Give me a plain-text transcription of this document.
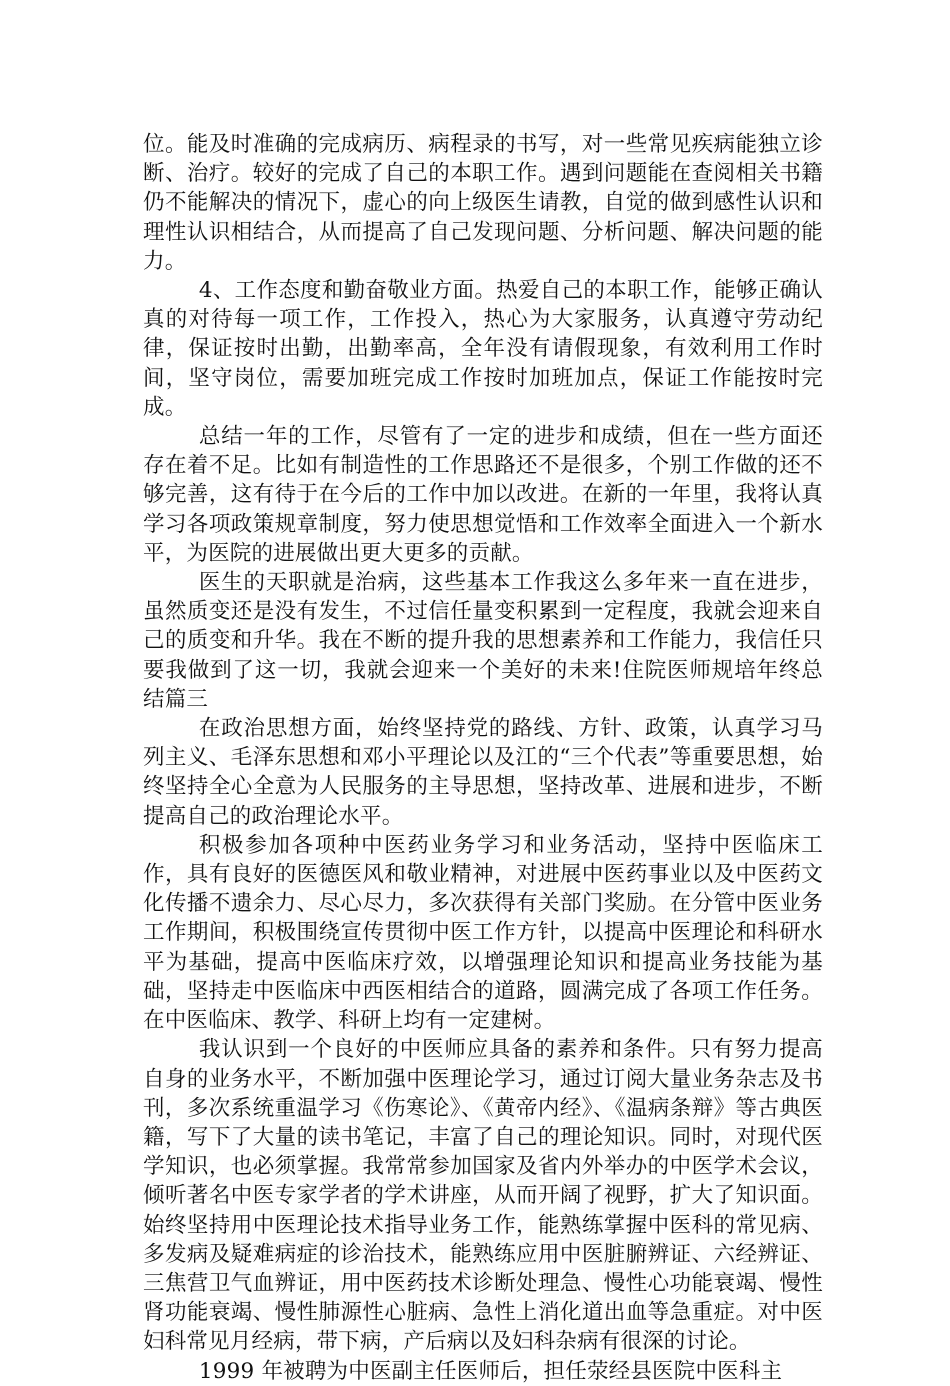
位。能及时准确的完成病历、病程录的书写，对一些常见疾病能独立诊断、治疗。较好的完成了自己的本职工作。遇到问题能在查阅相关书籍仍不能解决的情况下，虚心的向上级医生请教，自觉的做到感性认识和理性认识相结合，从而提高了自己发现问题、分析问题、解决问题的能力。

4、工作态度和勤奋敬业方面。热爱自己的本职工作，能够正确认真的对待每一项工作，工作投入，热心为大家服务，认真遵守劳动纪律，保证按时出勤，出勤率高，全年没有请假现象，有效利用工作时间，坚守岗位，需要加班完成工作按时加班加点，保证工作能按时完成。

总结一年的工作，尽管有了一定的进步和成绩，但在一些方面还存在着不足。比如有制造性的工作思路还不是很多，个别工作做的还不够完善，这有待于在今后的工作中加以改进。在新的一年里，我将认真学习各项政策规章制度，努力使思想觉悟和工作效率全面进入一个新水平，为医院的进展做出更大更多的贡献。

医生的天职就是治病，这些基本工作我这么多年来一直在进步，虽然质变还是没有发生，不过信任量变积累到一定程度，我就会迎来自己的质变和升华。我在不断的提升我的思想素养和工作能力，我信任只要我做到了这一切，我就会迎来一个美好的未来!住院医师规培年终总结篇三

在政治思想方面，始终坚持党的路线、方针、政策，认真学习马列主义、毛泽东思想和邓小平理论以及江的“三个代表”等重要思想，始终坚持全心全意为人民服务的主导思想，坚持改革、进展和进步，不断提高自己的政治理论水平。

积极参加各项种中医药业务学习和业务活动，坚持中医临床工作，具有良好的医德医风和敬业精神，对进展中医药事业以及中医药文化传播不遗余力、尽心尽力，多次获得有关部门奖励。在分管中医业务工作期间，积极围绕宣传贯彻中医工作方针，以提高中医理论和科研水平为基础，提高中医临床疗效，以增强理论知识和提高业务技能为基础，坚持走中医临床中西医相结合的道路，圆满完成了各项工作任务。在中医临床、教学、科研上均有一定建树。

我认识到一个良好的中医师应具备的素养和条件。只有努力提高自身的业务水平，不断加强中医理论学习，通过订阅大量业务杂志及书刊，多次系统重温学习《伤寒论》、《黄帝内经》、《温病条辩》等古典医籍，写下了大量的读书笔记，丰富了自己的理论知识。同时，对现代医学知识，也必须掌握。我常常参加国家及省内外举办的中医学术会议，倾听著名中医专家学者的学术讲座，从而开阔了视野，扩大了知识面。始终坚持用中医理论技术指导业务工作，能熟练掌握中医科的常见病、多发病及疑难病症的诊治技术，能熟练应用中医脏腑辨证、六经辨证、三焦营卫气血辨证，用中医药技术诊断处理急、慢性心功能衰竭、慢性肾功能衰竭、慢性肺源性心脏病、急性上消化道出血等急重症。对中医妇科常见月经病，带下病，产后病以及妇科杂病有很深的讨论。

1999 年被聘为中医副主任医师后，担任荥经县医院中医科主
